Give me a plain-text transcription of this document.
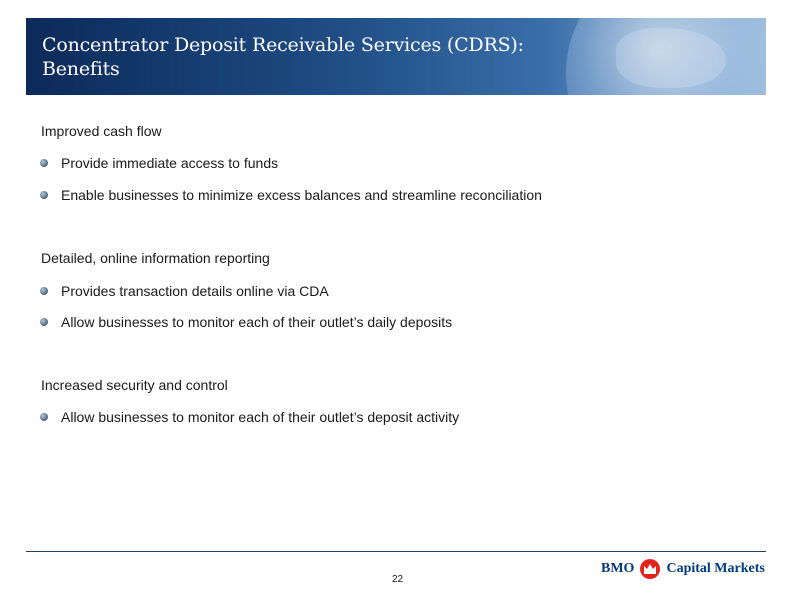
Concentrator Deposit Receivable Services (CDRS):
Benefits
Improved cash flow
Provide immediate access to funds
Enable businesses to minimize excess balances and streamline reconciliation
Detailed, online information reporting
Provides transaction details online via CDA
Allow businesses to monitor each of their outlet’s daily deposits
Increased security and control
Allow businesses to monitor each of their outlet’s deposit activity
22
BMO Capital Markets
